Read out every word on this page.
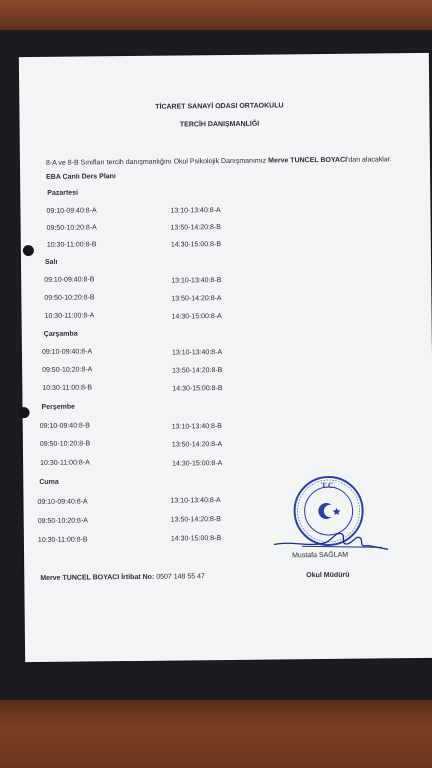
TİCARET SANAYİ ODASI ORTAOKULU
TERCİH DANIŞMANLIĞI
8-A ve 8-B Sınıfları tercih danışmanlığını Okul Psikolojik Danışmanımız Merve TUNCEL BOYACI'dan alacaklar.
EBA Canlı Ders Planı
Pazartesi
09:10-09:40:8-A
09:50-10:20:8-A
10:30-11:00:8-B
13:10-13:40:8-A
13:50-14:20:8-B
14:30-15:00:8-B
Salı
09:10-09:40:8-B
09:50-10:20:8-B
10:30-11:00:8-A
13:10-13:40:8-B
13:50-14:20:8-A
14:30-15:00:8-A
Çarşamba
09:10-09:40:8-A
09:50-10:20:8-A
10:30-11:00:8-B
13:10-13:40:8-A
13:50-14:20:8-B
14:30-15:00:8-B
Perşembe
09:10-09:40:8-B
09:50-10:20:8-B
10:30-11:00:8-A
13:10-13:40:8-B
13:50-14:20:8-A
14:30-15:00:8-A
Cuma
09:10-09:40:8-A
09:50-10:20:8-A
10:30-11:00:8-B
13:10-13:40:8-A
13:50-14:20:8-B
14:30-15:00:8-B
T.C.
Mustafa SAĞLAM
Merve TUNCEL BOYACI İrtibat No: 0507 148 55 47	Okul Müdürü
